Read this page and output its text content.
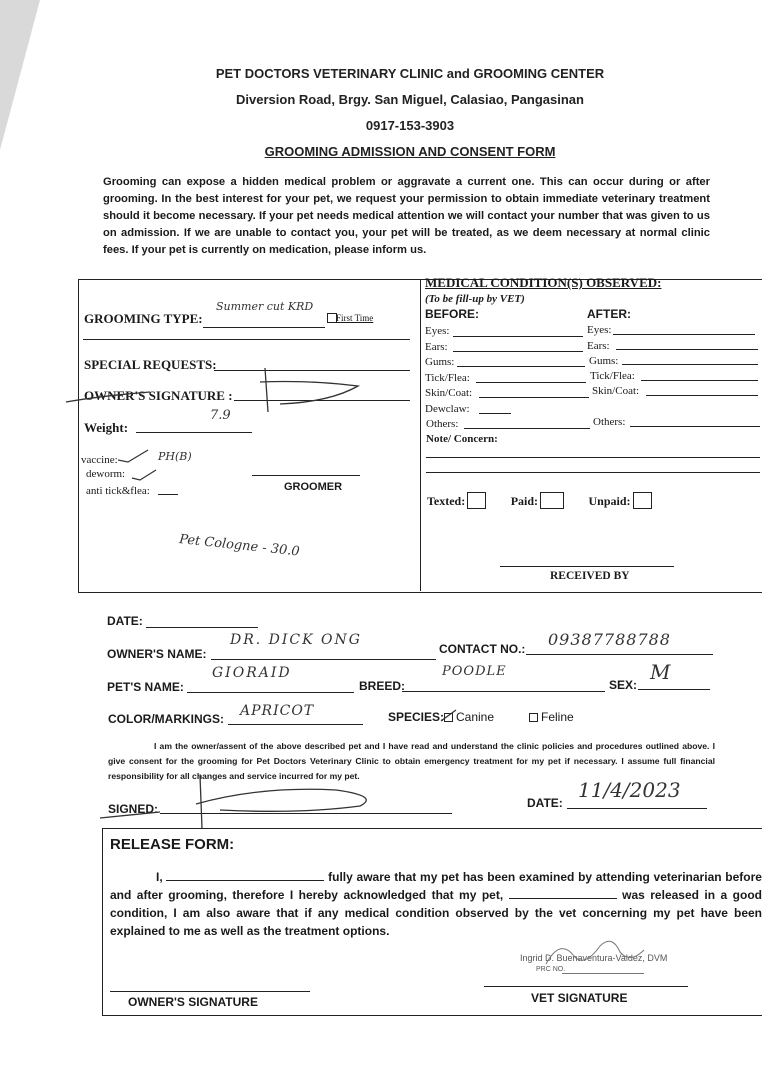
PET DOCTORS VETERINARY CLINIC and GROOMING CENTER
Diversion Road, Brgy. San Miguel, Calasiao, Pangasinan
0917-153-3903
GROOMING ADMISSION AND CONSENT FORM
Grooming can expose a hidden medical problem or aggravate a current one. This can occur during or after grooming. In the best interest for your pet, we request your permission to obtain immediate veterinary treatment should it become necessary. If your pet needs medical attention we will contact your number that was given to us on admission. If we are unable to contact you, your pet will be treated, as we deem necessary at normal clinic fees. If your pet is currently on medication, please inform us.
GROOMING TYPE:
Summer cut KRD
First Time
SPECIAL REQUESTS:
OWNER'S SIGNATURE :
Weight:
7.9
vaccine:	PH(B)
deworm:
anti tick&flea:	GROOMER
Pet Cologne - 30.0
MEDICAL CONDITION(S) OBSERVED:
(To be fill-up by VET)
BEFORE:	AFTER:
Eyes:	Eyes:
Ears:	Ears:
Gums:	Gums:
Tick/Flea:	Tick/Flea:
Skin/Coat:	Skin/Coat:
Dewclaw:
Others:	Others:
Note/ Concern:
Texted:	Paid:	Unpaid:
RECEIVED BY
DATE:
OWNER'S NAME:
DR. DICK ONG
CONTACT NO.: 09387788788
PET'S NAME:
GIORAID
BREED:
POODLE
SEX:
M
COLOR/MARKINGS: APRICOT	SPECIES: Canine	Feline
I am the owner/assent of the above described pet and I have read and understand the clinic policies and procedures outlined above. I give consent for the grooming for Pet Doctors Veterinary Clinic to obtain emergency treatment for my pet if necessary. I assume full financial responsibility for all changes and service incurred for my pet.
SIGNED:	DATE:
11/4/2023
RELEASE FORM:
I,	fully aware that my pet has been examined by attending veterinarian before and after grooming, therefore I hereby acknowledged that my pet,	was released in a good condition, I am also aware that if any medical condition observed by the vet concerning my pet have been explained to me as well as the treatment options.
Ingrid D. Buenaventura-Valdez, DVM
PRC NO.
OWNER'S SIGNATURE	VET SIGNATURE
